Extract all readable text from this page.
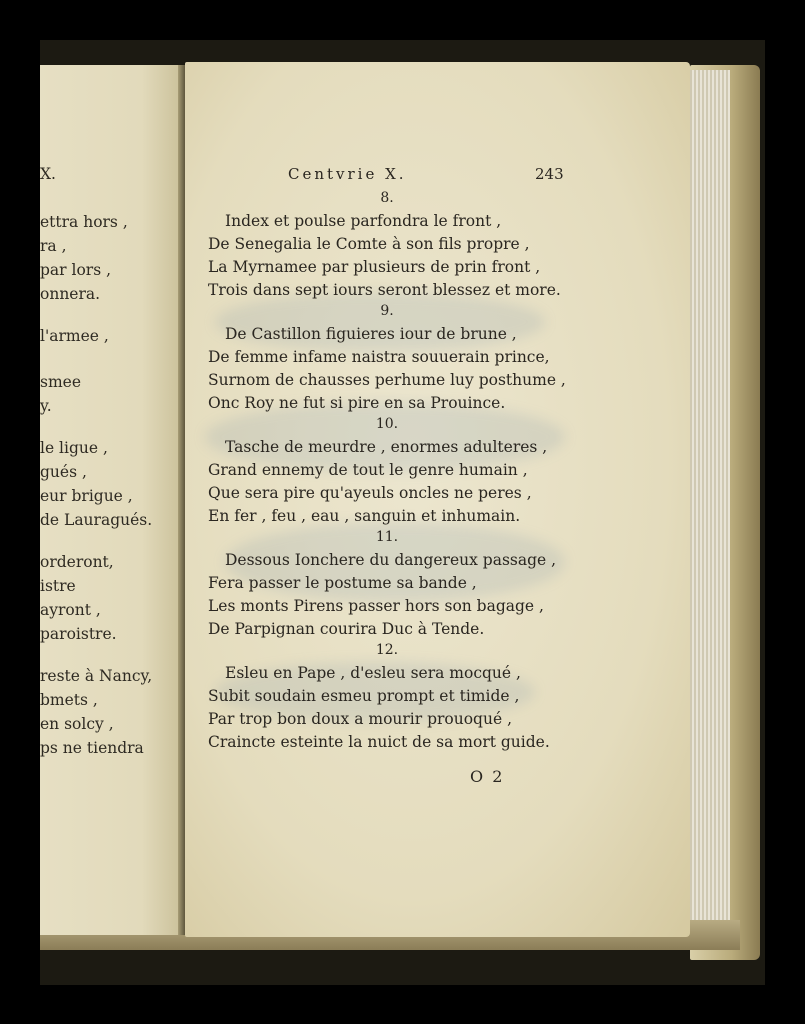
X.
ettra hors ,
ra ,
par lors ,
onnera.
l'armee ,
smee
y.
le ligue ,
gués ,
eur brigue ,
de Lauragués.
orderont,
istre
ayront ,
paroistre.
reste à Nancy,
bmets ,
en solcy ,
ps ne tiendra
Centvrie X.	243
8.
Index et poulse parfondra le front ,
De Senegalia le Comte à son fils propre ,
La Myrnamee par plusieurs de prin front ,
Trois dans sept iours seront blessez et more.
9.
De Castillon figuieres iour de brune ,
De femme infame naistra souuerain prince,
Surnom de chausses perhume luy posthume ,
Onc Roy ne fut si pire en sa Prouince.
10.
Tasche de meurdre , enormes adulteres ,
Grand ennemy de tout le genre humain ,
Que sera pire qu'ayeuls oncles ne peres ,
En fer , feu , eau , sanguin et inhumain.
11.
Dessous Ionchere du dangereux passage ,
Fera passer le postume sa bande ,
Les monts Pirens passer hors son bagage ,
De Parpignan courira Duc à Tende.
12.
Esleu en Pape , d'esleu sera mocqué ,
Subit soudain esmeu prompt et timide ,
Par trop bon doux a mourir prouoqué ,
Craincte esteinte la nuict de sa mort guide.
O 2
